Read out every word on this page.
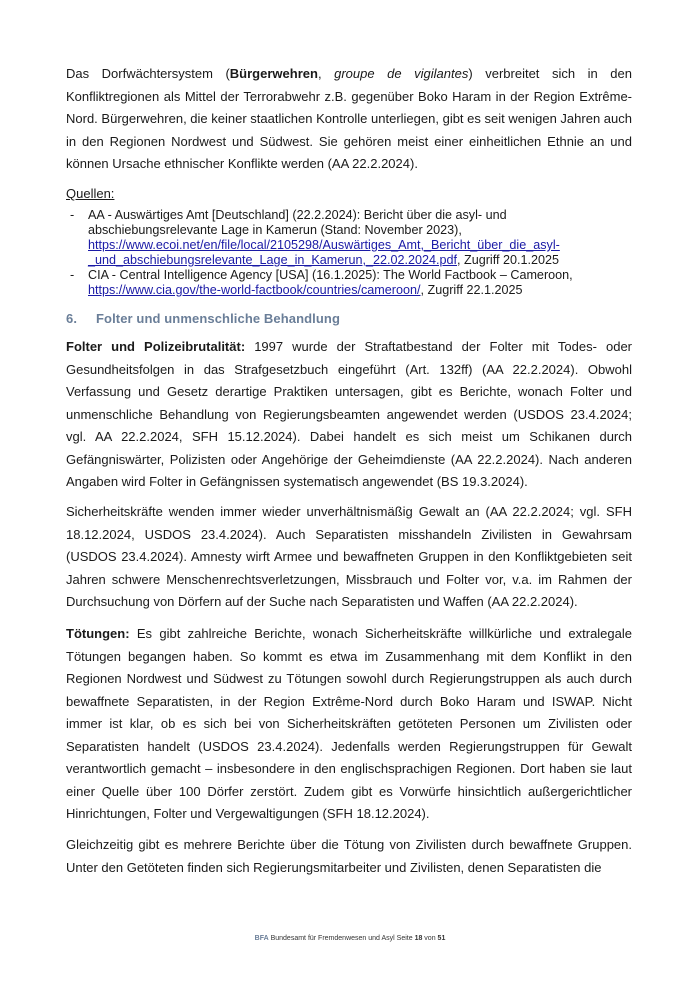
Das Dorfwächtersystem (Bürgerwehren, groupe de vigilantes) verbreitet sich in den Konfliktregionen als Mittel der Terrorabwehr z.B. gegenüber Boko Haram in der Region Extrême-Nord. Bürgerwehren, die keiner staatlichen Kontrolle unterliegen, gibt es seit wenigen Jahren auch in den Regionen Nordwest und Südwest. Sie gehören meist einer einheitlichen Ethnie an und können Ursache ethnischer Konflikte werden (AA 22.2.2024).

Quellen:
- AA - Auswärtiges Amt [Deutschland] (22.2.2024): Bericht über die asyl- und abschiebungsrelevante Lage in Kamerun (Stand: November 2023),
https://www.ecoi.net/en/file/local/2105298/Auswärtiges_Amt,_Bericht_über_die_asyl-_und_abschiebungsrelevante_Lage_in_Kamerun,_22.02.2024.pdf, Zugriff 20.1.2025
- CIA - Central Intelligence Agency [USA] (16.1.2025): The World Factbook – Cameroon,
https://www.cia.gov/the-world-factbook/countries/cameroon/, Zugriff 22.1.2025
6. Folter und unmenschliche Behandlung

Folter und Polizeibrutalität: 1997 wurde der Straftatbestand der Folter mit Todes- oder Gesundheitsfolgen in das Strafgesetzbuch eingeführt (Art. 132ff) (AA 22.2.2024). Obwohl Verfassung und Gesetz derartige Praktiken untersagen, gibt es Berichte, wonach Folter und unmenschliche Behandlung von Regierungsbeamten angewendet werden (USDOS 23.4.2024; vgl. AA 22.2.2024, SFH 15.12.2024). Dabei handelt es sich meist um Schikanen durch Gefängniswärter, Polizisten oder Angehörige der Geheimdienste (AA 22.2.2024). Nach anderen Angaben wird Folter in Gefängnissen systematisch angewendet (BS 19.3.2024).

Sicherheitskräfte wenden immer wieder unverhältnismäßig Gewalt an (AA 22.2.2024; vgl. SFH 18.12.2024, USDOS 23.4.2024). Auch Separatisten misshandeln Zivilisten in Gewahrsam (USDOS 23.4.2024). Amnesty wirft Armee und bewaffneten Gruppen in den Konfliktgebieten seit Jahren schwere Menschenrechtsverletzungen, Missbrauch und Folter vor, v.a. im Rahmen der Durchsuchung von Dörfern auf der Suche nach Separatisten und Waffen (AA 22.2.2024).

Tötungen: Es gibt zahlreiche Berichte, wonach Sicherheitskräfte willkürliche und extralegale Tötungen begangen haben. So kommt es etwa im Zusammenhang mit dem Konflikt in den Regionen Nordwest und Südwest zu Tötungen sowohl durch Regierungstruppen als auch durch bewaffnete Separatisten, in der Region Extrême-Nord durch Boko Haram und ISWAP. Nicht immer ist klar, ob es sich bei von Sicherheitskräften getöteten Personen um Zivilisten oder Separatisten handelt (USDOS 23.4.2024). Jedenfalls werden Regierungstruppen für Gewalt verantwortlich gemacht – insbesondere in den englischsprachigen Regionen. Dort haben sie laut einer Quelle über 100 Dörfer zerstört. Zudem gibt es Vorwürfe hinsichtlich außergerichtlicher Hinrichtungen, Folter und Vergewaltigungen (SFH 18.12.2024).

Gleichzeitig gibt es mehrere Berichte über die Tötung von Zivilisten durch bewaffnete Gruppen. Unter den Getöteten finden sich Regierungsmitarbeiter und Zivilisten, denen Separatisten die

BFA Bundesamt für Fremdenwesen und Asyl Seite 18 von 51
